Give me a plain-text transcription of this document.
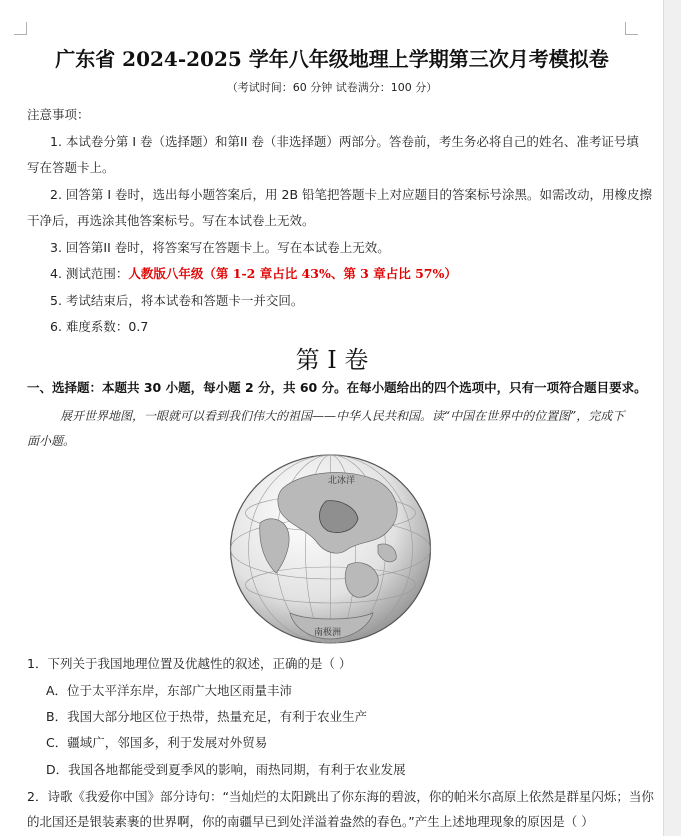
广东省 2024-2025 学年八年级地理上学期第三次月考模拟卷
（考试时间：60 分钟 试卷满分：100 分）
注意事项：
1. 本试卷分第 I 卷（选择题）和第II 卷（非选择题）两部分。答卷前，考生务必将自己的姓名、准考证号填
写在答题卡上。
2. 回答第 I 卷时，选出每小题答案后，用 2B 铅笔把答题卡上对应题目的答案标号涂黑。如需改动，用橡皮擦
干净后，再选涂其他答案标号。写在本试卷上无效。
3. 回答第II 卷时，将答案写在答题卡上。写在本试卷上无效。
4. 测试范围：人教版八年级（第 1-2 章占比 43%、第 3 章占比 57%）
5. 考试结束后，将本试卷和答题卡一并交回。
6. 难度系数：0.7
第 I 卷
一、选择题：本题共 30 小题，每小题 2 分，共 60 分。在每小题给出的四个选项中，只有一项符合题目要求。
展开世界地图，一眼就可以看到我们伟大的祖国——中华人民共和国。读“中国在世界中的位置图”，完成下
面小题。
北冰洋
南极洲
1．下列关于我国地理位置及优越性的叙述，正确的是（ ）
A．位于太平洋东岸，东部广大地区雨量丰沛
B．我国大部分地区位于热带，热量充足，有利于农业生产
C．疆域广，邻国多，利于发展对外贸易
D．我国各地都能受到夏季风的影响，雨热同期，有利于农业发展
2．诗歌《我爱你中国》部分诗句：“当灿烂的太阳跳出了你东海的碧波，你的帕米尔高原上依然是群星闪烁；当你
的北国还是银装素裹的世界啊，你的南疆早已到处洋溢着盎然的春色。”产生上述地理现象的原因是（ ）
